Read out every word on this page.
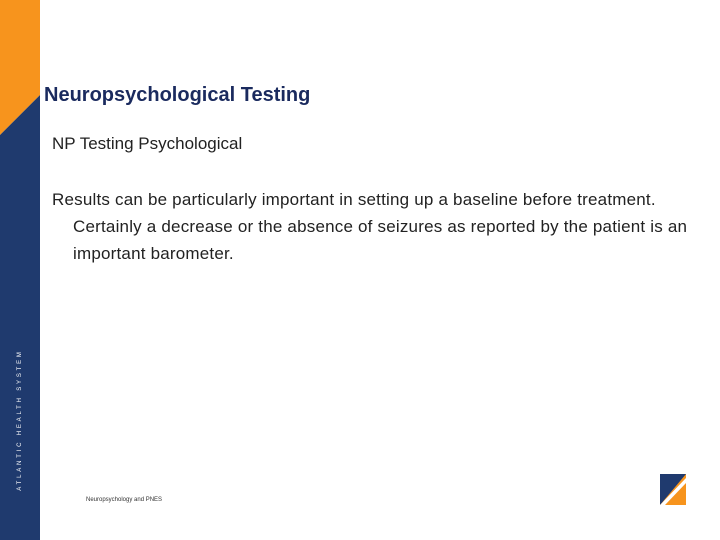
ATLANTIC HEALTH SYSTEM
Neuropsychological Testing
NP Testing Psychological
Results can be particularly important in setting up a baseline before treatment. Certainly a decrease or the absence of seizures as reported by the patient is an important barometer.
Neuropsychology and PNES
